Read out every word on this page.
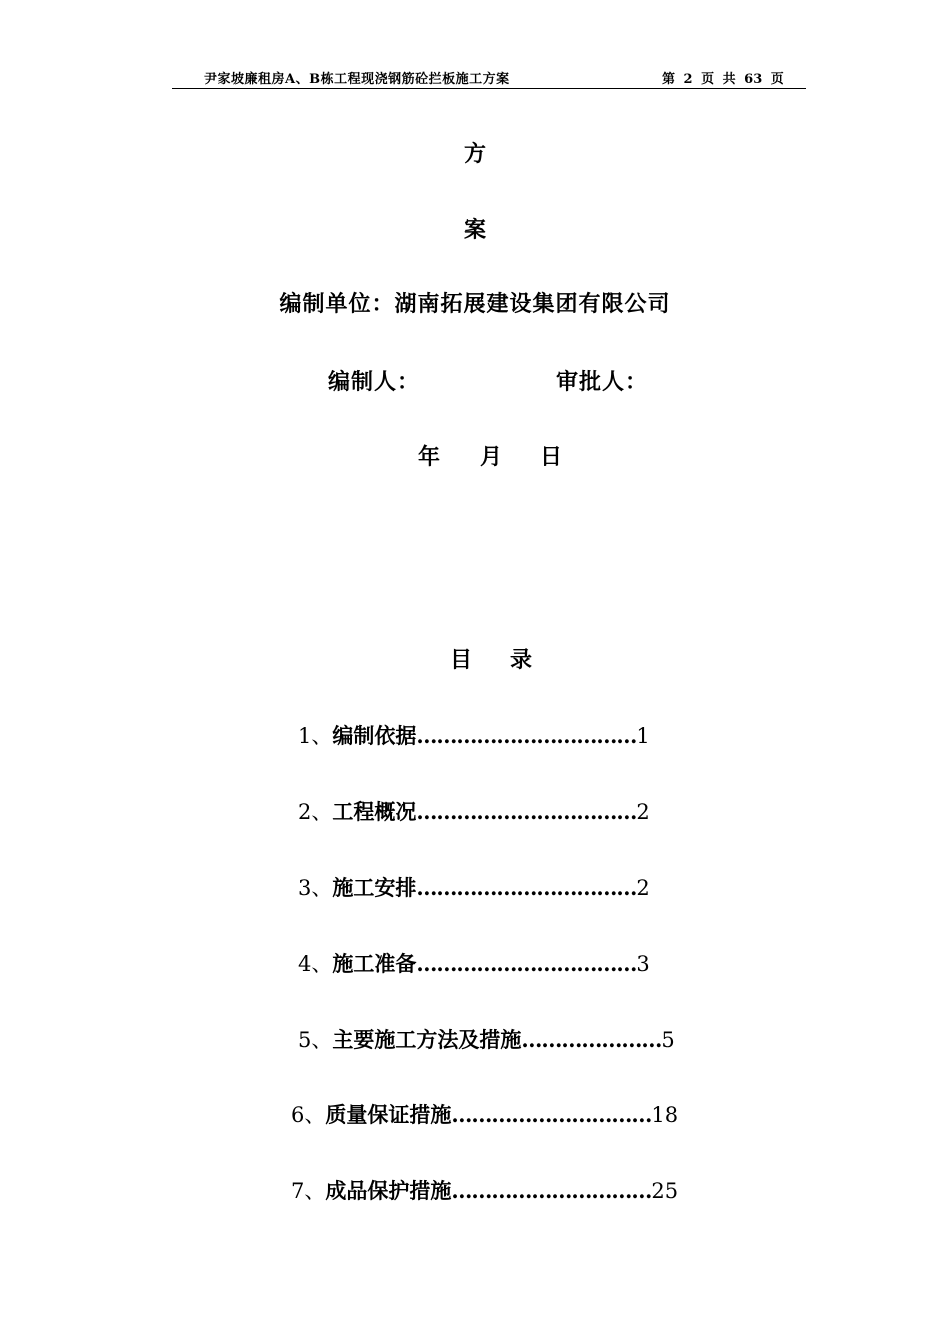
尹家坡廉租房A、B栋工程现浇钢筋砼拦板施工方案	第 2 页 共 63 页
方
案
编制单位：湖南拓展建设集团有限公司
编制人：	审批人：
年 月 日
目 录
1、编制依据……………………………1
2、工程概况……………………………2
3、施工安排……………………………2
4、施工准备……………………………3
5、主要施工方法及措施…………………5
6、质量保证措施…………………………18
7、成品保护措施…………………………25
